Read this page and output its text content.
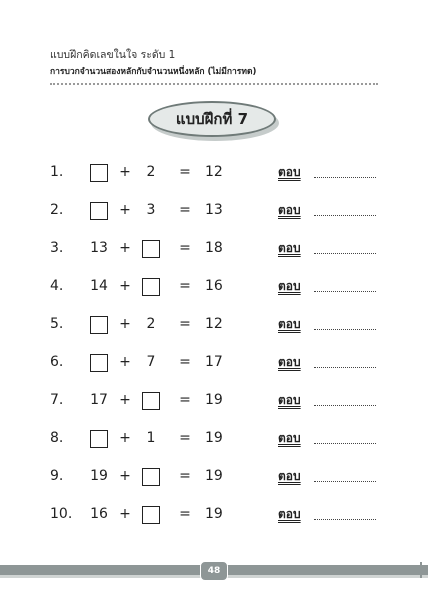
แบบฝึกคิดเลขในใจ ระดับ 1
การบวกจำนวนสองหลักกับจำนวนหนึ่งหลัก (ไม่มีการทด)
แบบฝึกที่ 7
1.	+	2	= 12	ตอบ
2.	+	3	= 13	ตอบ
3.	13 +	= 18	ตอบ
4.	14 +	= 16	ตอบ
5.	+	2	= 12	ตอบ
6.	+	7	= 17	ตอบ
7.	17 +	= 19	ตอบ
8.	+	1	= 19	ตอบ
9.	19 +	= 19	ตอบ
10.	16 +	= 19	ตอบ
48
